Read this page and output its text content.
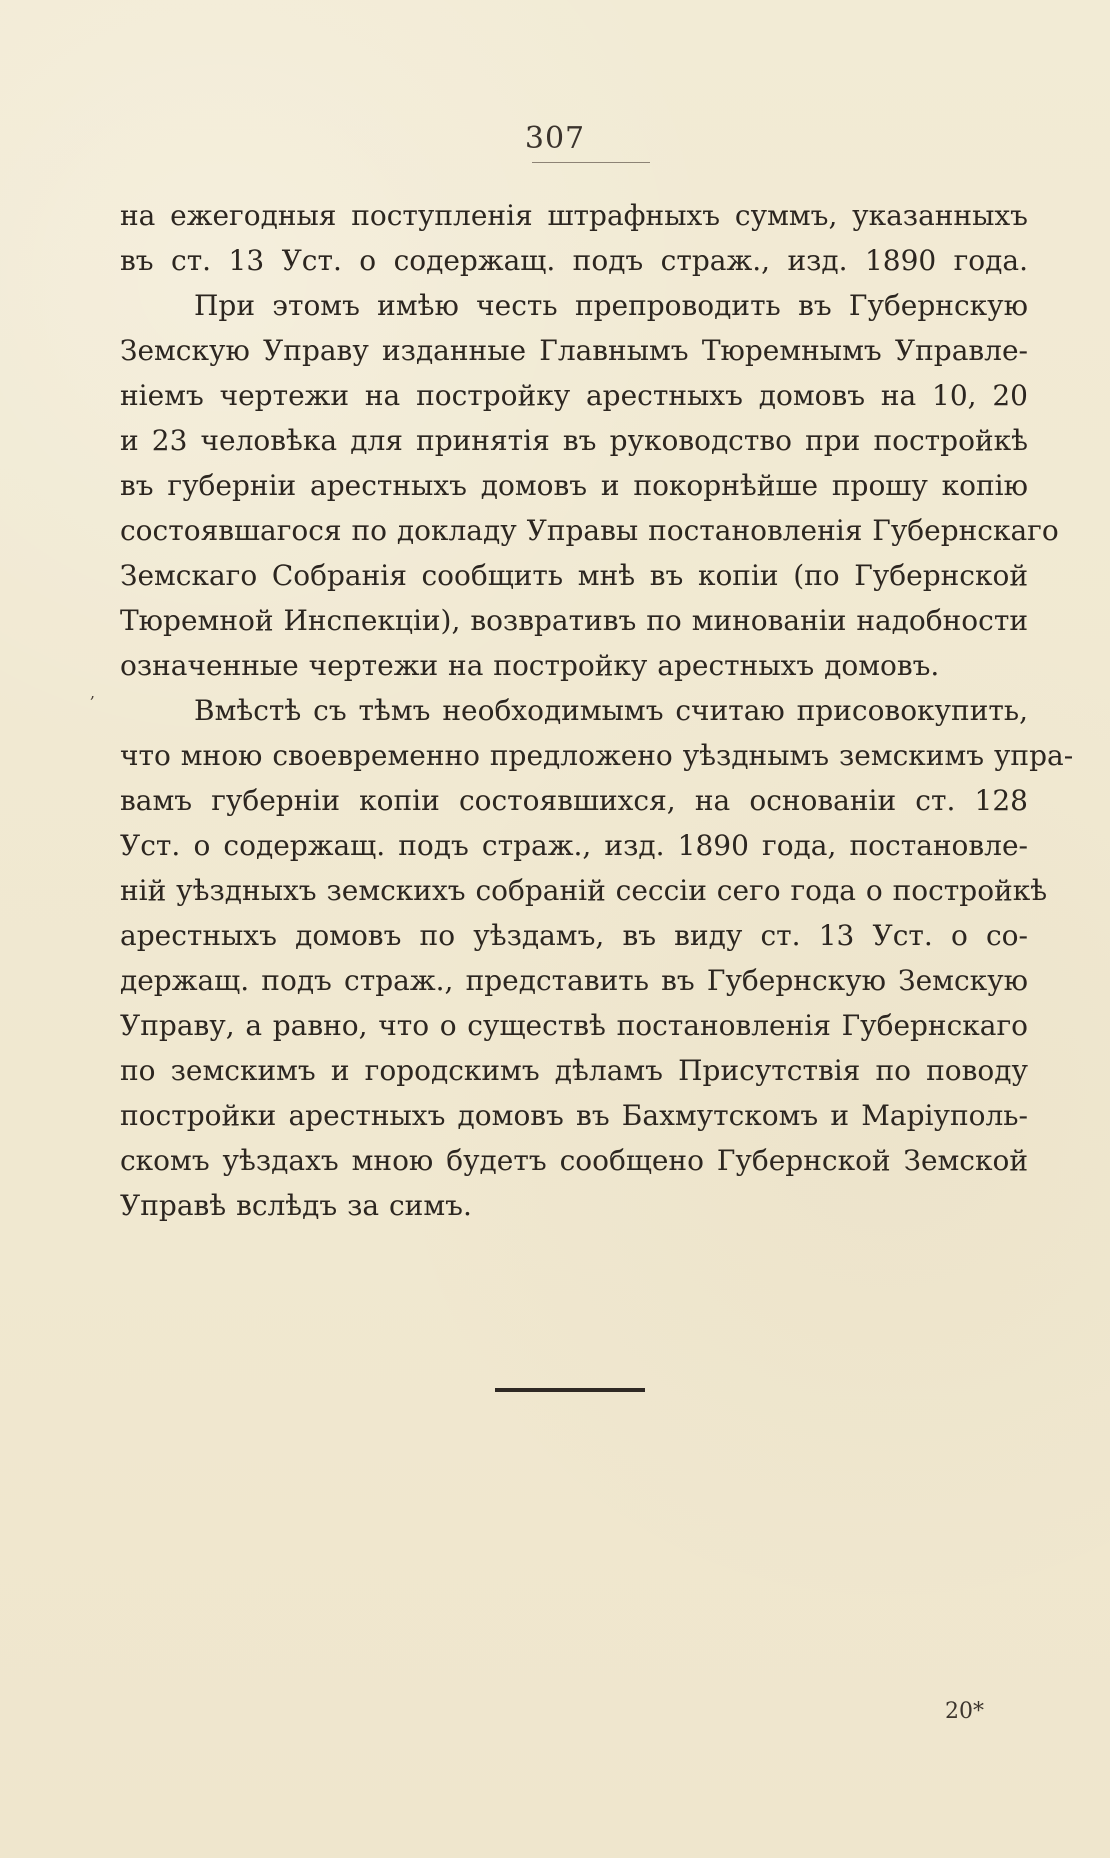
307
,
на ежегодныя поступленія штрафныхъ суммъ, указанныхъ
въ ст. 13 Уст. о содержащ. подъ страж., изд. 1890 года.
При этомъ имѣю честь препроводить въ Губернскую
Земскую Управу изданные Главнымъ Тюремнымъ Управле-
ніемъ чертежи на постройку арестныхъ домовъ на 10, 20
и 23 человѣка для принятія въ руководство при постройкѣ
въ губерніи арестныхъ домовъ и покорнѣйше прошу копію
состоявшагося по докладу Управы постановленія Губернскаго
Земскаго Собранія сообщить мнѣ въ копіи (по Губернской
Тюремной Инспекціи), возвративъ по минованіи надобности
означенные чертежи на постройку арестныхъ домовъ.
Вмѣстѣ съ тѣмъ необходимымъ считаю присовокупить,
что мною своевременно предложено уѣзднымъ земскимъ упра-
вамъ губерніи копіи состоявшихся, на основаніи ст. 128
Уст. о содержащ. подъ страж., изд. 1890 года, постановле-
ній уѣздныхъ земскихъ собраній сессіи сего года о постройкѣ
арестныхъ домовъ по уѣздамъ, въ виду ст. 13 Уст. о со-
держащ. подъ страж., представить въ Губернскую Земскую
Управу, а равно, что о существѣ постановленія Губернскаго
по земскимъ и городскимъ дѣламъ Присутствія по поводу
постройки арестныхъ домовъ въ Бахмутскомъ и Маріуполь-
скомъ уѣздахъ мною будетъ сообщено Губернской Земской
Управѣ вслѣдъ за симъ.
20*
